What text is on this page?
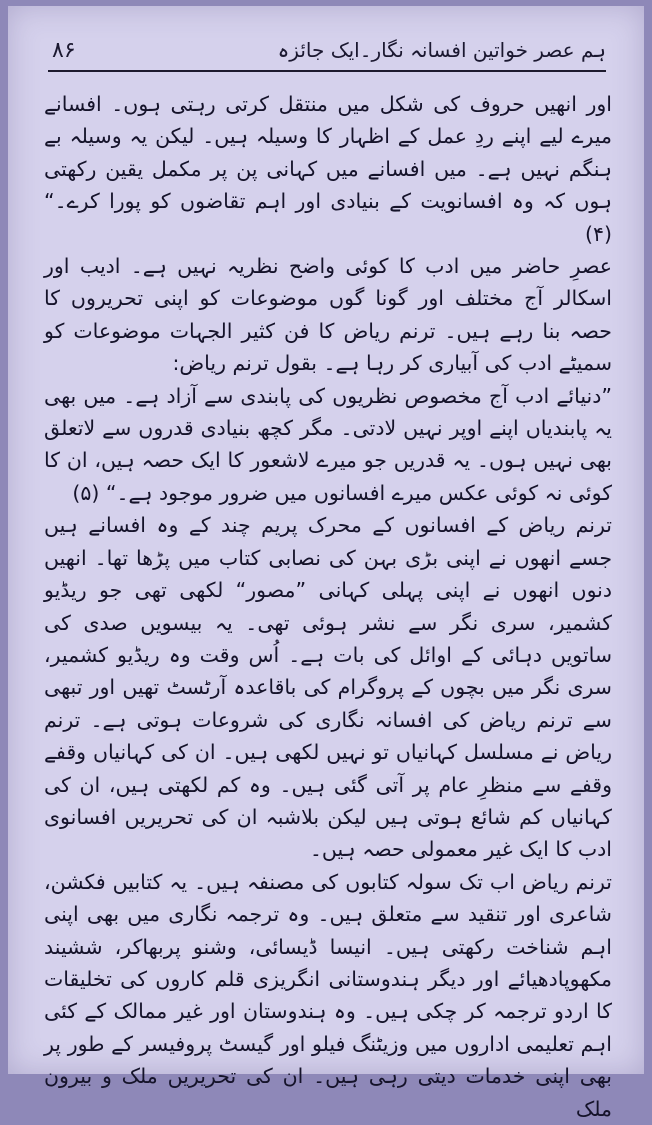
۸۶	ہم عصر خواتین افسانہ نگار۔ایک جائزہ

اور انھیں حروف کی شکل میں منتقل کرتی رہتی ہوں۔ افسانے میرے لیے اپنے ردِ عمل کے اظہار کا وسیلہ ہیں۔ لیکن یہ وسیلہ بے ہنگم نہیں ہے۔ میں افسانے میں کہانی پن پر مکمل یقین رکھتی ہوں کہ وہ افسانویت کے بنیادی اور اہم تقاضوں کو پورا کرے۔“ (۴)

عصرِ حاضر میں ادب کا کوئی واضح نظریہ نہیں ہے۔ ادیب اور اسکالر آج مختلف اور گونا گوں موضوعات کو اپنی تحریروں کا حصہ بنا رہے ہیں۔ ترنم ریاض کا فن کثیر الجہات موضوعات کو سمیٹے ادب کی آبیاری کر رہا ہے۔ بقول ترنم ریاض:

”دنیائے ادب آج مخصوص نظریوں کی پابندی سے آزاد ہے۔ میں بھی یہ پابندیاں اپنے اوپر نہیں لادتی۔ مگر کچھ بنیادی قدروں سے لاتعلق بھی نہیں ہوں۔ یہ قدریں جو میرے لاشعور کا ایک حصہ ہیں، ان کا کوئی نہ کوئی عکس میرے افسانوں میں ضرور موجود ہے۔“ (۵)

ترنم ریاض کے افسانوں کے محرک پریم چند کے وہ افسانے ہیں جسے انھوں نے اپنی بڑی بہن کی نصابی کتاب میں پڑھا تھا۔ انھیں دنوں انھوں نے اپنی پہلی کہانی ”مصور“ لکھی تھی جو ریڈیو کشمیر، سری نگر سے نشر ہوئی تھی۔ یہ بیسویں صدی کی ساتویں دہائی کے اوائل کی بات ہے۔ اُس وقت وہ ریڈیو کشمیر، سری نگر میں بچوں کے پروگرام کی باقاعدہ آرٹسٹ تھیں اور تبھی سے ترنم ریاض کی افسانہ نگاری کی شروعات ہوتی ہے۔ ترنم ریاض نے مسلسل کہانیاں تو نہیں لکھی ہیں۔ ان کی کہانیاں وقفے وقفے سے منظرِ عام پر آتی گئی ہیں۔ وہ کم لکھتی ہیں، ان کی کہانیاں کم شائع ہوتی ہیں لیکن بلاشبہ ان کی تحریریں افسانوی ادب کا ایک غیر معمولی حصہ ہیں۔

ترنم ریاض اب تک سولہ کتابوں کی مصنفہ ہیں۔ یہ کتابیں فکشن، شاعری اور تنقید سے متعلق ہیں۔ وہ ترجمہ نگاری میں بھی اپنی اہم شناخت رکھتی ہیں۔ انیسا ڈیسائی، وشنو پربھاکر، ششیند مکھوپادھیائے اور دیگر ہندوستانی انگریزی قلم کاروں کی تخلیقات کا اردو ترجمہ کر چکی ہیں۔ وہ ہندوستان اور غیر ممالک کے کئی اہم تعلیمی اداروں میں وزیٹنگ فیلو اور گیسٹ پروفیسر کے طور پر بھی اپنی خدمات دیتی رہی ہیں۔ ان کی تحریریں ملک و بیرون ملک
